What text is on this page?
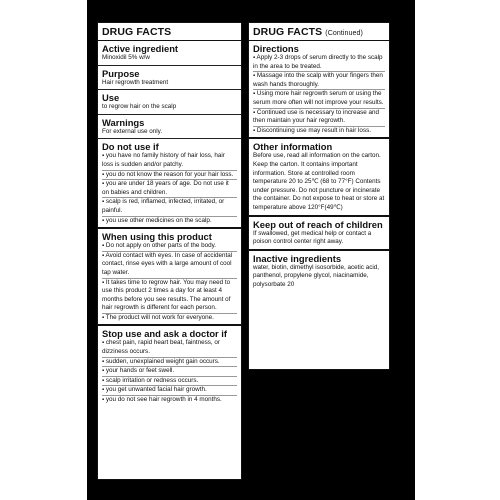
DRUG FACTS
Active ingredient
Minoxidil 5% w/w
Purpose
Hair regrowth treatment
Use
to regrow hair on the scalp
Warnings
For external use only.
Do not use if
▪ you have no family history of hair loss, hair loss is sudden and/or patchy.
▪ you do not know the reason for your hair loss.
▪ you are under 18 years of age. Do not use it on babies and children.
▪ scalp is red, inflamed, infected, irritated, or painful.
▪ you use other medicines on the scalp.
When using this product
▪ Do not apply on other parts of the body.
▪ Avoid contact with eyes. In case of accidental contact, rinse eyes with a large amount of cool tap water.
▪ It takes time to regrow hair. You may need to use this product 2 times a day for at least 4 months before you see results. The amount of hair regrowth is different for each person.
▪ The product will not work for everyone.
Stop use and ask a doctor if
▪ chest pain, rapid heart beat, faintness, or dizziness occurs.
▪ sudden, unexplained weight gain occurs.
▪ your hands or feet swell.
▪ scalp irritation or redness occurs.
▪ you get unwanted facial hair growth.
▪ you do not see hair regrowth in 4 months.
DRUG FACTS (Continued)
Directions
▪ Apply 2-3 drops of serum directly to the scalp in the area to be treated.
▪ Massage into the scalp with your fingers then wash hands thoroughly.
▪ Using more hair regrowth serum or using the serum more often will not improve your results.
▪ Continued use is necessary to increase and then maintain your hair regrowth.
▪ Discontinuing use may result in hair loss.
Other information
Before use, read all information on the carton. Keep the carton. It contains important information. Store at controlled room temperature 20 to 25℃ (68 to 77°F) Contents under pressure. Do not puncture or incinerate the container. Do not expose to heat or store at temperature above 120°F(49℃)
Keep out of reach of children
If swallowed, get medical help or contact a poison control center right away.
Inactive ingredients
water, biotin, dimethyl isosorbide, acetic acid, panthenol, propylene glycol, niacinamide, polysorbate 20
